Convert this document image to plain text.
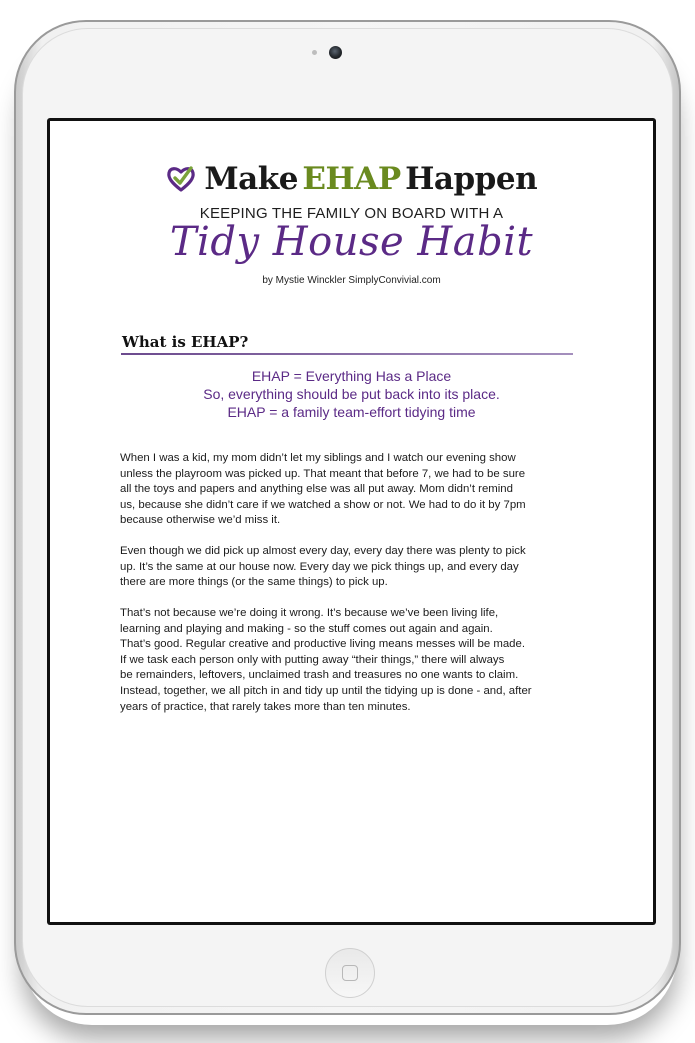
Make EHAP Happen
KEEPING THE FAMILY ON BOARD WITH A
Tidy House Habit
by Mystie Winckler SimplyConvivial.com
What is EHAP?
EHAP = Everything Has a Place
So, everything should be put back into its place.
EHAP = a family team-effort tidying time
When I was a kid, my mom didn’t let my siblings and I watch our evening show
unless the playroom was picked up. That meant that before 7, we had to be sure
all the toys and papers and anything else was all put away. Mom didn’t remind
us, because she didn’t care if we watched a show or not. We had to do it by 7pm
because otherwise we’d miss it.
Even though we did pick up almost every day, every day there was plenty to pick
up. It’s the same at our house now. Every day we pick things up, and every day
there are more things (or the same things) to pick up.
That’s not because we’re doing it wrong. It’s because we’ve been living life,
learning and playing and making - so the stuff comes out again and again.
That’s good. Regular creative and productive living means messes will be made.
If we task each person only with putting away “their things,” there will always
be remainders, leftovers, unclaimed trash and treasures no one wants to claim.
Instead, together, we all pitch in and tidy up until the tidying up is done - and, after
years of practice, that rarely takes more than ten minutes.
